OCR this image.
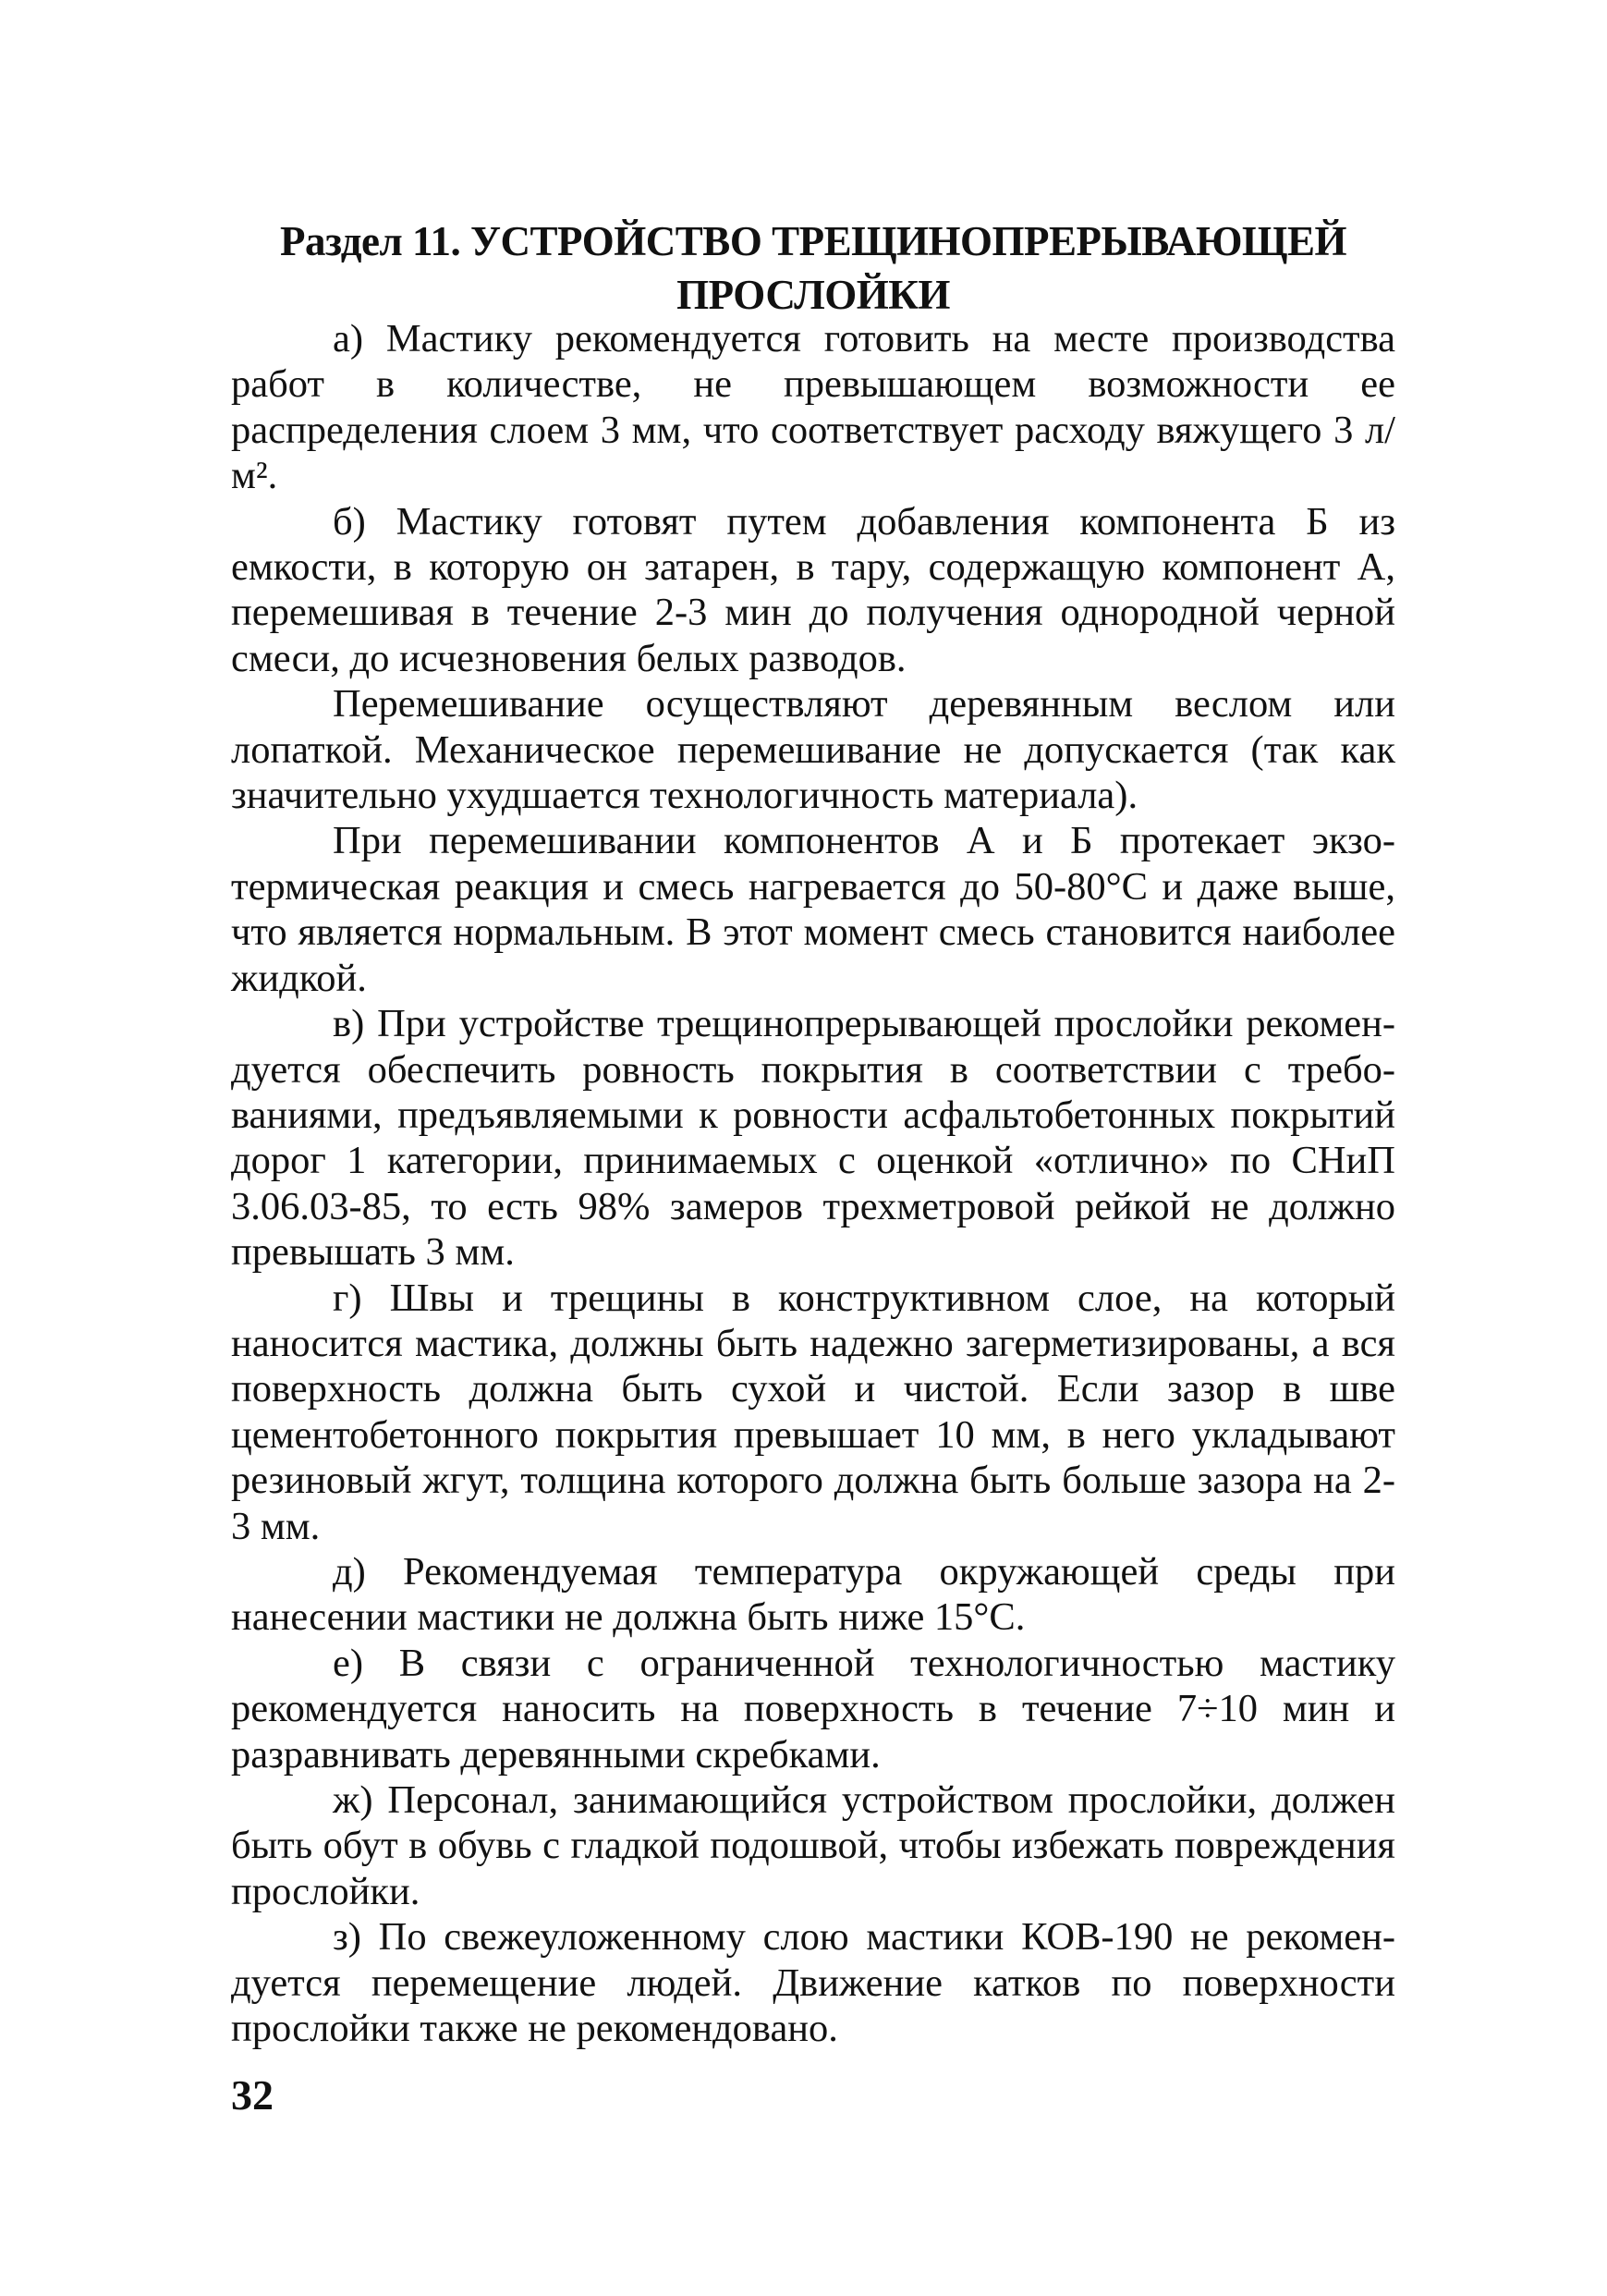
Раздел 11. УСТРОЙСТВО ТРЕЩИНОПРЕРЫВАЮЩЕЙ
ПРОСЛОЙКИ

а) Мастику рекомендуется готовить на месте производства работ в количестве, не превышающем возможности ее распределения слоем 3 мм, что соответствует расходу вяжущего 3 л/м².

б) Мастику готовят путем добавления компонента Б из емкости, в которую он затарен, в тару, содержащую компонент А, перемешивая в течение 2-3 мин до получения однородной черной смеси, до исчезновения белых разводов.

Перемешивание осуществляют деревянным веслом или лопаткой. Механическое перемешивание не допускается (так как значительно ухудшается технологичность материала).

При перемешивании компонентов А и Б протекает экзо-термическая реакция и смесь нагревается до 50-80°С и даже выше, что является нормальным. В этот момент смесь становится наиболее жидкой.

в) При устройстве трещинопрерывающей прослойки рекомен-дуется обеспечить ровность покрытия в соответствии с требо-ваниями, предъявляемыми к ровности асфальтобетонных покрытий дорог 1 категории, принимаемых с оценкой «отлично» по СНиП 3.06.03-85, то есть 98% замеров трехметровой рейкой не должно превышать 3 мм.

г) Швы и трещины в конструктивном слое, на который наносится мастика, должны быть надежно загерметизированы, а вся поверхность должна быть сухой и чистой. Если зазор в шве цементобетонного покрытия превышает 10 мм, в него укладывают резиновый жгут, толщина которого должна быть больше зазора на 2-3 мм.

д) Рекомендуемая температура окружающей среды при нанесении мастики не должна быть ниже 15°С.

е) В связи с ограниченной технологичностью мастику рекомендуется наносить на поверхность в течение 7÷10 мин и разравнивать деревянными скребками.

ж) Персонал, занимающийся устройством прослойки, должен быть обут в обувь с гладкой подошвой, чтобы избежать повреждения прослойки.

з) По свежеуложенному слою мастики КОВ-190 не рекомен-дуется перемещение людей. Движение катков по поверхности прослойки также не рекомендовано.

32
